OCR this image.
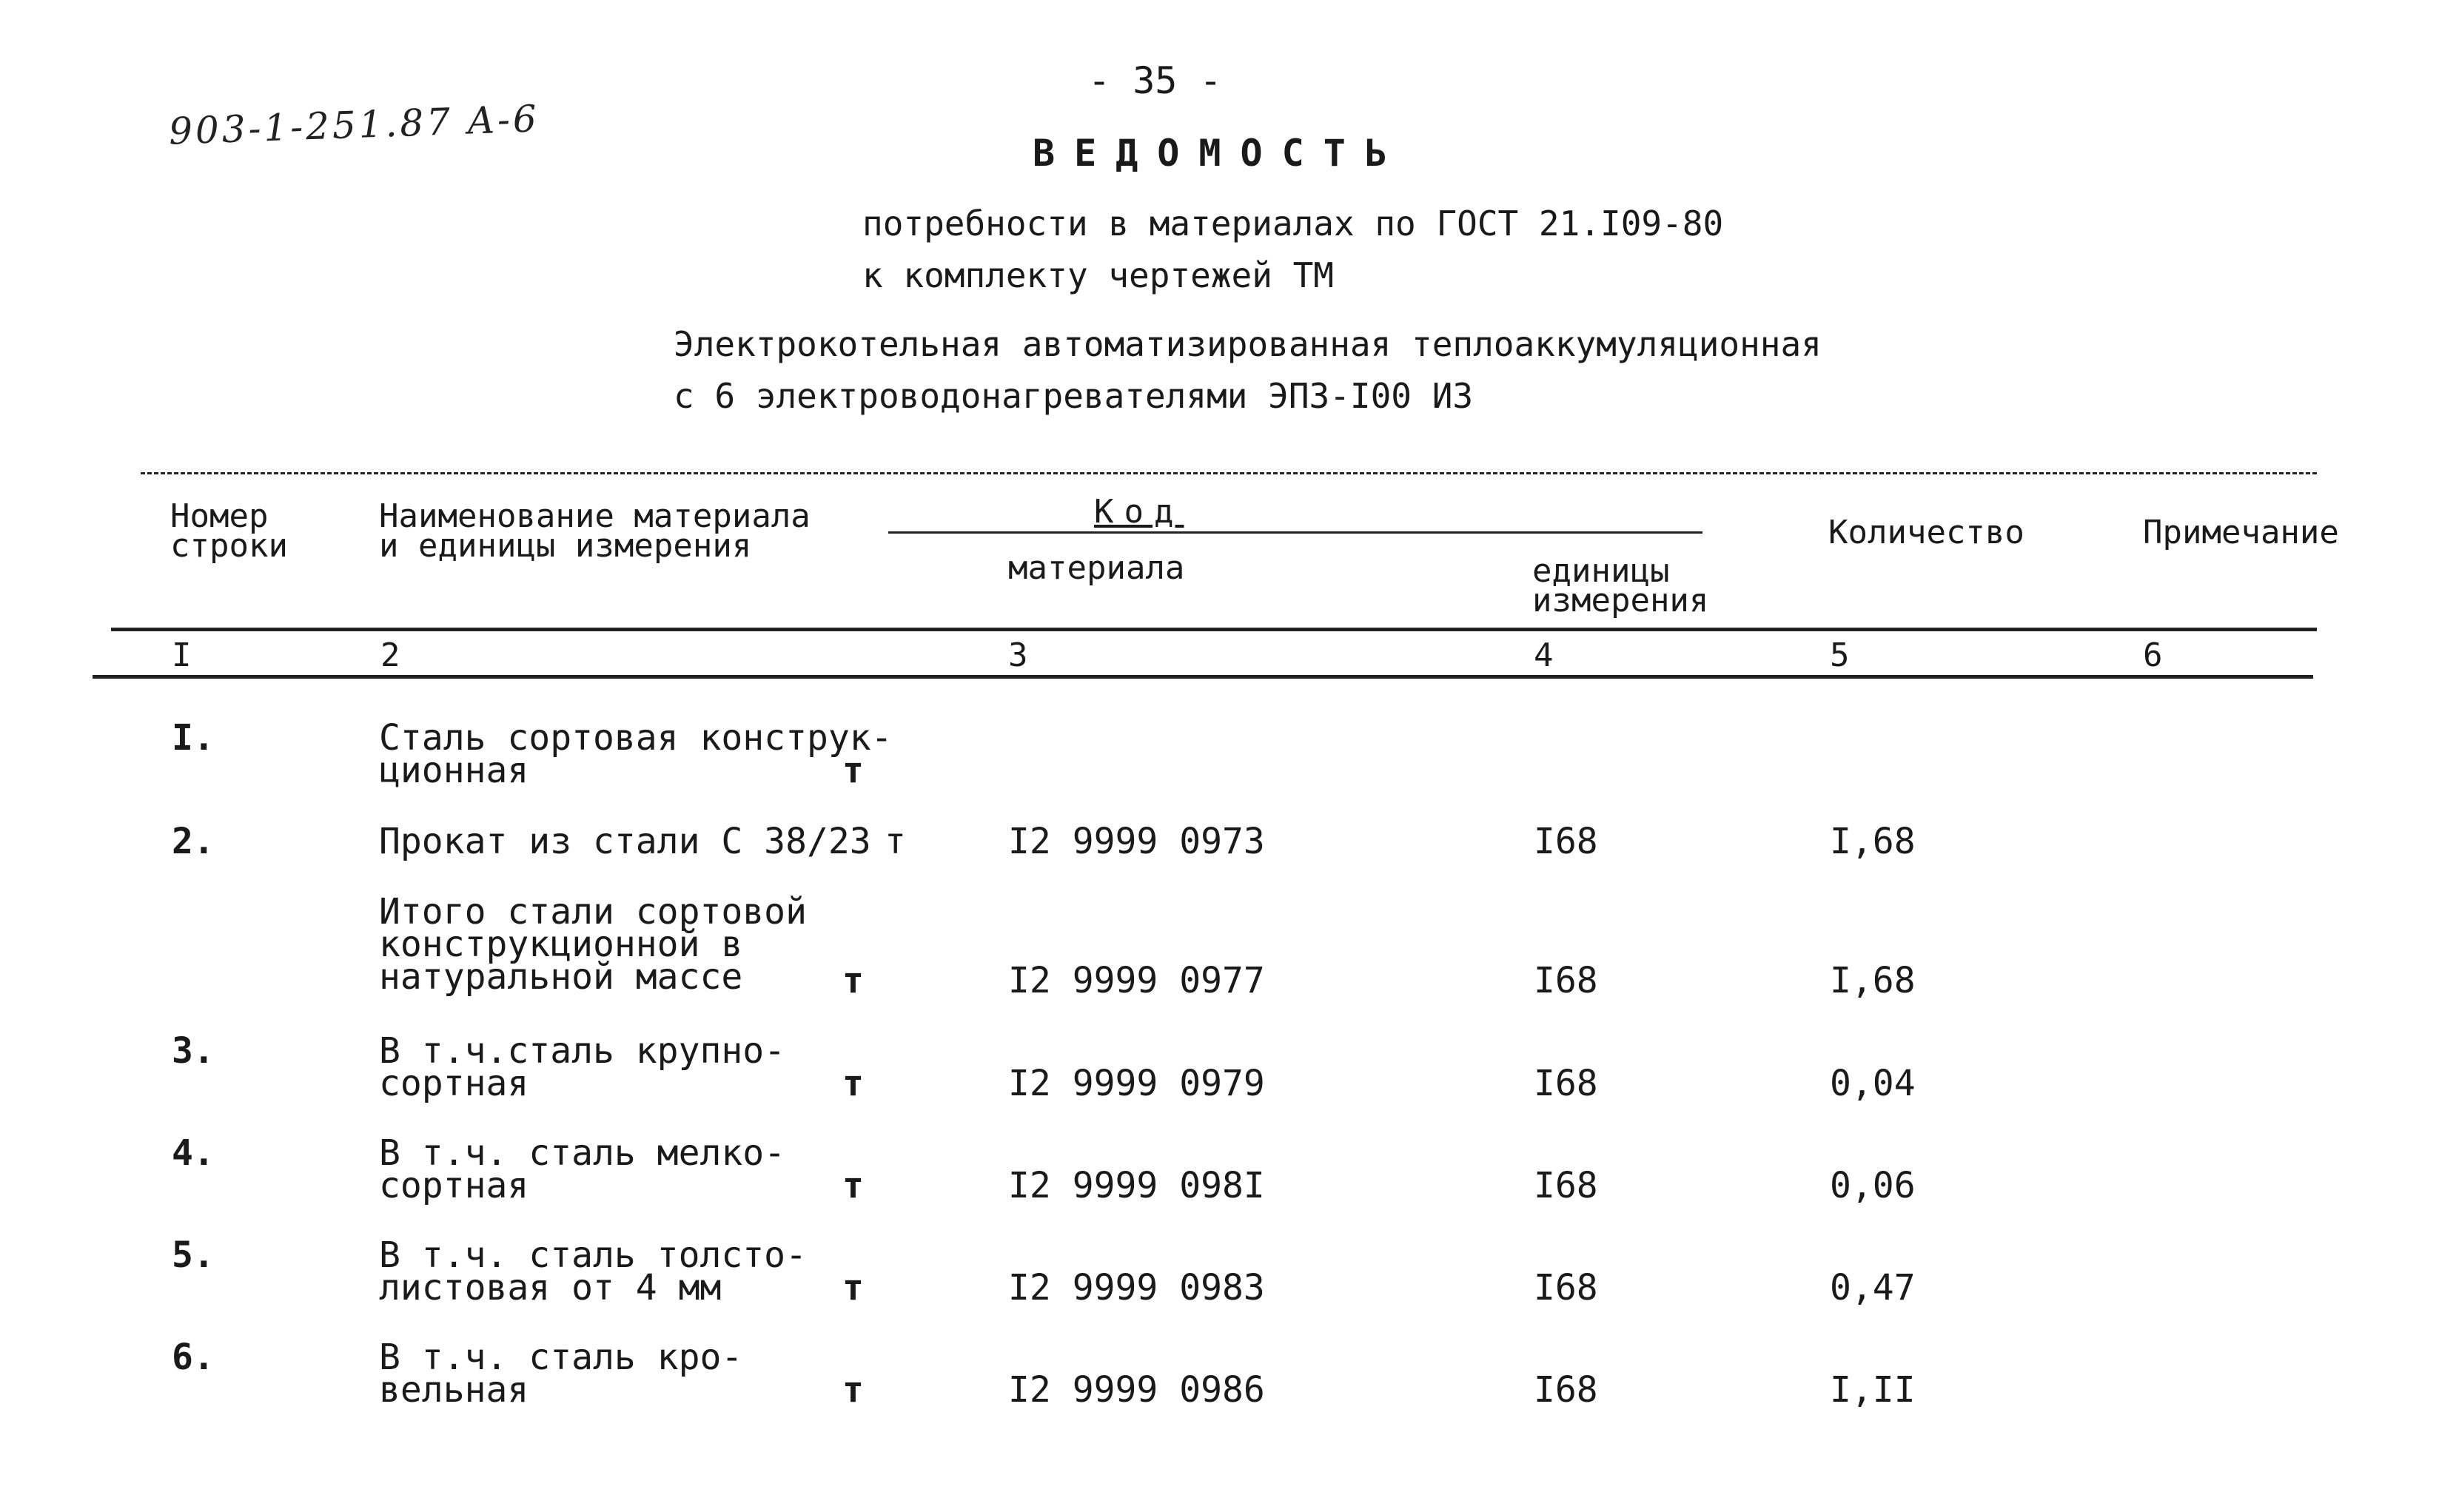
903-1-251.87 A-6
- 35 -
ВЕДОМОСТЬ
потребности в материалах по ГОСТ 21.I09-80
к комплекту чертежей ТМ
Электрокотельная автоматизированная теплоаккумуляционная
с 6 электроводонагревателями ЭПЗ-I00 ИЗ
Номер
строки
Наименование материала
и единицы измерения
Код
материала	единицы
измерения
Количество	Примечание
I	2	3	4	5	6
I.	Сталь сортовая конструк-
ционная	т
2.	Прокат из стали С 38/23 т	I2 9999 0973	I68	I,68
Итого стали сортовой
конструкционной в
натуральной массе	т	I2 9999 0977	I68	I,68
3.	В т.ч.сталь крупно-
сортная	т	I2 9999 0979	I68	0,04
4.	В т.ч. сталь мелко-
сортная	т	I2 9999 098I	I68	0,06
5.	В т.ч. сталь толсто-
листовая от 4 мм	т	I2 9999 0983	I68	0,47
6.	В т.ч. сталь кро-
вельная	т	I2 9999 0986	I68	I,II
